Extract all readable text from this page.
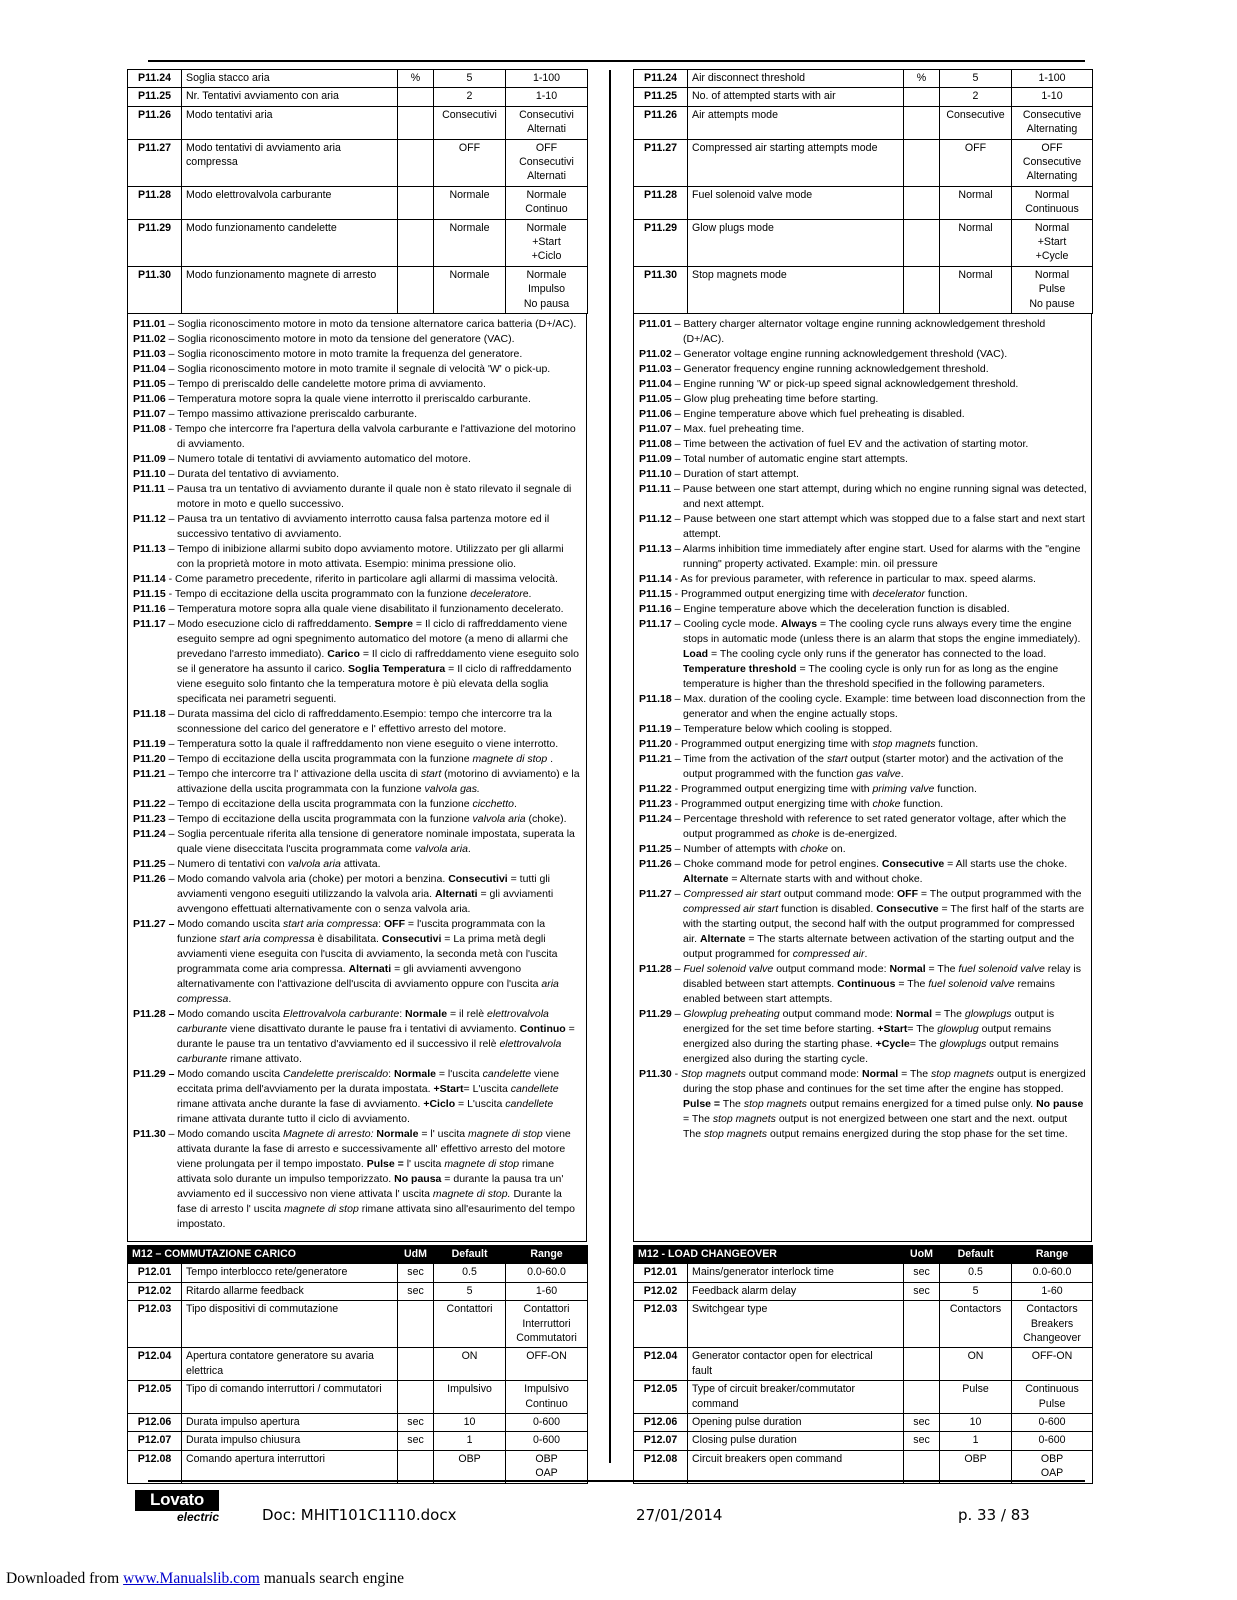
P11.24	Soglia stacco aria	%	5	1-100
P11.25	Nr. Tentativi avviamento con aria		2	1-10
P11.26	Modo tentativi aria		Consecutivi	Consecutivi
Alternati
P11.27	Modo tentativi di avviamento aria
compressa		OFF	OFF
Consecutivi
Alternati
P11.28	Modo elettrovalvola carburante		Normale	Normale
Continuo
P11.29	Modo funzionamento candelette		Normale	Normale
+Start
+Ciclo
P11.30	Modo funzionamento magnete di arresto		Normale	Normale
Impulso
No pausa

P11.01 – Soglia riconoscimento motore in moto da tensione alternatore carica batteria (D+/AC).

P11.02 – Soglia riconoscimento motore in moto da tensione del generatore (VAC).

P11.03 – Soglia riconoscimento motore in moto tramite la frequenza del generatore.

P11.04 – Soglia riconoscimento motore in moto tramite il segnale di velocità 'W' o pick-up.

P11.05 – Tempo di preriscaldo delle candelette motore prima di avviamento.

P11.06 – Temperatura motore sopra la quale viene interrotto il preriscaldo carburante.

P11.07 – Tempo massimo attivazione preriscaldo carburante.

P11.08 - Tempo che intercorre fra l'apertura della valvola carburante e l'attivazione del motorino di avviamento.

P11.09 – Numero totale di tentativi di avviamento automatico del motore.

P11.10 – Durata del tentativo di avviamento.

P11.11 – Pausa tra un tentativo di avviamento durante il quale non è stato rilevato il segnale di motore in moto e quello successivo.

P11.12 – Pausa tra un tentativo di avviamento interrotto causa falsa partenza motore ed il successivo tentativo di avviamento.

P11.13 – Tempo di inibizione allarmi subito dopo avviamento motore. Utilizzato per gli allarmi con la proprietà motore in moto attivata. Esempio: minima pressione olio.

P11.14 - Come parametro precedente, riferito in particolare agli allarmi di massima velocità.

P11.15 - Tempo di eccitazione della uscita programmato con la funzione deceleratore.

P11.16 – Temperatura motore sopra alla quale viene disabilitato il funzionamento decelerato.

P11.17 – Modo esecuzione ciclo di raffreddamento. Sempre = Il ciclo di raffreddamento viene eseguito sempre ad ogni spegnimento automatico del motore (a meno di allarmi che prevedano l'arresto immediato). Carico = Il ciclo di raffreddamento viene eseguito solo se il generatore ha assunto il carico. Soglia Temperatura = Il ciclo di raffreddamento viene eseguito solo fintanto che la temperatura motore è più elevata della soglia specificata nei parametri seguenti.

P11.18 – Durata massima del ciclo di raffreddamento.Esempio: tempo che intercorre tra la sconnessione del carico del generatore e l' effettivo arresto del motore.

P11.19 – Temperatura sotto la quale il raffreddamento non viene eseguito o viene interrotto.

P11.20 – Tempo di eccitazione della uscita programmata con la funzione magnete di stop .

P11.21 – Tempo che intercorre tra l' attivazione della uscita di start (motorino di avviamento) e la attivazione della uscita programmata con la funzione valvola gas.

P11.22 – Tempo di eccitazione della uscita programmata con la funzione cicchetto.

P11.23 – Tempo di eccitazione della uscita programmata con la funzione valvola aria (choke).

P11.24 – Soglia percentuale riferita alla tensione di generatore nominale impostata, superata la quale viene disecc​itata l'uscita programmata come valvola aria.

P11.25 – Numero di tentativi con valvola aria attivata.

P11.26 – Modo comando valvola aria (choke) per motori a benzina. Consecutivi = tutti gli avviamenti vengono eseguiti utilizzando la valvola aria. Alternati = gli avviamenti avvengono effettuati alternativamente con o senza valvola aria.

P11.27 – Modo comando uscita start aria compressa: OFF = l'uscita programmata con la funzione start aria compressa è disabilitata. Consecutivi = La prima metà degli avviamenti viene eseguita con l'uscita di avviamento, la seconda metà con l'uscita programmata come aria compressa. Alternati = gli avviamenti avvengono alternativamente con l'attivazione dell'uscita di avviamento oppure con l'uscita aria compressa.

P11.28 – Modo comando uscita Elettrovalvola carburante: Normale = il relè elettrovalvola carburante viene disattivato durante le pause fra i tentativi di avviamento. Continuo = durante le pause tra un tentativo d'avviamento ed il successivo il relè elettrovalvola carburante rimane attivato.

P11.29 – Modo comando uscita Candelette preriscaldo: Normale = l'uscita candelette viene eccitata prima dell'avviamento per la durata impostata. +Start= L'uscita candellete rimane attivata anche durante la fase di avviamento. +Ciclo = L'uscita candellete rimane attivata durante tutto il ciclo di avviamento.

P11.30 – Modo comando uscita Magnete di arresto: Normale = l' uscita magnete di stop viene attivata durante la fase di arresto e successivamente all' effettivo arresto del motore viene prolungata per il tempo impostato. Pulse = l' uscita magnete di stop rimane attivata solo durante un impulso temporizzato. No pausa = durante la pausa tra un' avviamento ed il successivo non viene attivata l' uscita magnete di stop. Durante la fase di arresto l' uscita magnete di stop rimane attivata sino all'esaurimento del tempo impostato.

P11.24	Air disconnect threshold	%	5	1-100
P11.25	No. of attempted starts with air		2	1-10
P11.26	Air attempts mode		Consecutive	Consecutive
Alternating
P11.27	Compressed air starting attempts mode		OFF	OFF
Consecutive
Alternating
P11.28	Fuel solenoid valve mode		Normal	Normal
Continuous
P11.29	Glow plugs mode		Normal	Normal
+Start
+Cycle
P11.30	Stop magnets mode		Normal	Normal
Pulse
No pause

P11.01 – Battery charger alternator voltage engine running acknowledgement threshold (D+/AC).

P11.02 – Generator voltage engine running acknowledgement threshold (VAC).

P11.03 – Generator frequency engine running acknowledgement threshold.

P11.04 – Engine running 'W' or pick-up speed signal acknowledgement threshold.

P11.05 – Glow plug preheating time before starting.

P11.06 – Engine temperature above which fuel preheating is disabled.

P11.07 – Max. fuel preheating time.

P11.08 – Time between the activation of fuel EV and the activation of starting motor.

P11.09 – Total number of automatic engine start attempts.

P11.10 – Duration of start attempt.

P11.11 – Pause between one start attempt, during which no engine running signal was detected, and next attempt.

P11.12 – Pause between one start attempt which was stopped due to a false start and next start attempt.

P11.13 – Alarms inhibition time immediately after engine start. Used for alarms with the "engine running" property activated. Example: min. oil pressure

P11.14 - As for previous parameter, with reference in particular to max. speed alarms.

P11.15 - Programmed output energizing time with decelerator function.

P11.16 – Engine temperature above which the deceleration function is disabled.

P11.17 – Cooling cycle mode. Always = The cooling cycle runs always every time the engine stops in automatic mode (unless there is an alarm that stops the engine immediately). Load = The cooling cycle only runs if the generator has connected to the load. Temperature threshold = The cooling cycle is only run for as long as the engine temperature is higher than the threshold specified in the following parameters.

P11.18 – Max. duration of the cooling cycle. Example: time between load disconnection from the generator and when the engine actually stops.

P11.19 – Temperature below which cooling is stopped.

P11.20 - Programmed output energizing time with stop magnets function.

P11.21 – Time from the activation of the start output (starter motor) and the activation of the output programmed with the function gas valve.

P11.22 - Programmed output energizing time with priming valve function.

P11.23 - Programmed output energizing time with choke function.

P11.24 – Percentage threshold with reference to set rated generator voltage, after which the output programmed as choke is de-energized.

P11.25 – Number of attempts with choke on.

P11.26 – Choke command mode for petrol engines. Consecutive = All starts use the choke. Alternate = Alternate starts with and without choke.

P11.27 – Compressed air start output command mode: OFF = The output programmed with the compressed air start function is disabled. Consecutive = The first half of the starts are with the starting output, the second half with the output programmed for compressed air. Alternate = The starts alternate between activation of the starting output and the output programmed for compressed air.

P11.28 – Fuel solenoid valve output command mode: Normal = The fuel solenoid valve relay is disabled between start attempts. Continuous = The fuel solenoid valve remains enabled between start attempts.

P11.29 – Glowplug preheating output command mode: Normal = The glowplugs output is energized for the set time before starting. +Start= The glowplug output remains energized also during the starting phase. +Cycle= The glowplugs output remains energized also during the starting cycle.

P11.30 - Stop magnets output command mode: Normal = The stop magnets output is energized during the stop phase and continues for the set time after the engine has stopped. Pulse = The stop magnets output remains energized for a timed pulse only. No pause = The stop magnets output is not energized between one start and the next. output The stop magnets output remains energized during the stop phase for the set time.

M12 – COMMUTAZIONE CARICO		UdM	Default	Range
P12.01	Tempo interblocco rete/generatore	sec	0.5	0.0-60.0
P12.02	Ritardo allarme feedback	sec	5	1-60
P12.03	Tipo dispositivi di commutazione		Contattori	Contattori
Interruttori
Commutatori
P12.04	Apertura contatore generatore su avaria
elettrica		ON	OFF-ON
P12.05	Tipo di comando interruttori / commutatori		Impulsivo	Impulsivo
Continuo
P12.06	Durata impulso apertura	sec	10	0-600
P12.07	Durata impulso chiusura	sec	1	0-600
P12.08	Comando apertura interruttori		OBP	OBP
OAP
M12 - LOAD CHANGEOVER		UoM	Default	Range
P12.01	Mains/generator interlock time	sec	0.5	0.0-60.0
P12.02	Feedback alarm delay	sec	5	1-60
P12.03	Switchgear type		Contactors	Contactors
Breakers
Changeover
P12.04	Generator contactor open for electrical
fault		ON	OFF-ON
P12.05	Type of circuit breaker/commutator
command		Pulse	Continuous
Pulse
P12.06	Opening pulse duration	sec	10	0-600
P12.07	Closing pulse duration	sec	1	0-600
P12.08	Circuit breakers open command		OBP	OBP
OAP
Lovato
electric	Doc: MHIT101C1110.docx	27/01/2014	p. 33 / 83
Downloaded from www.Manualslib.com manuals search engine
